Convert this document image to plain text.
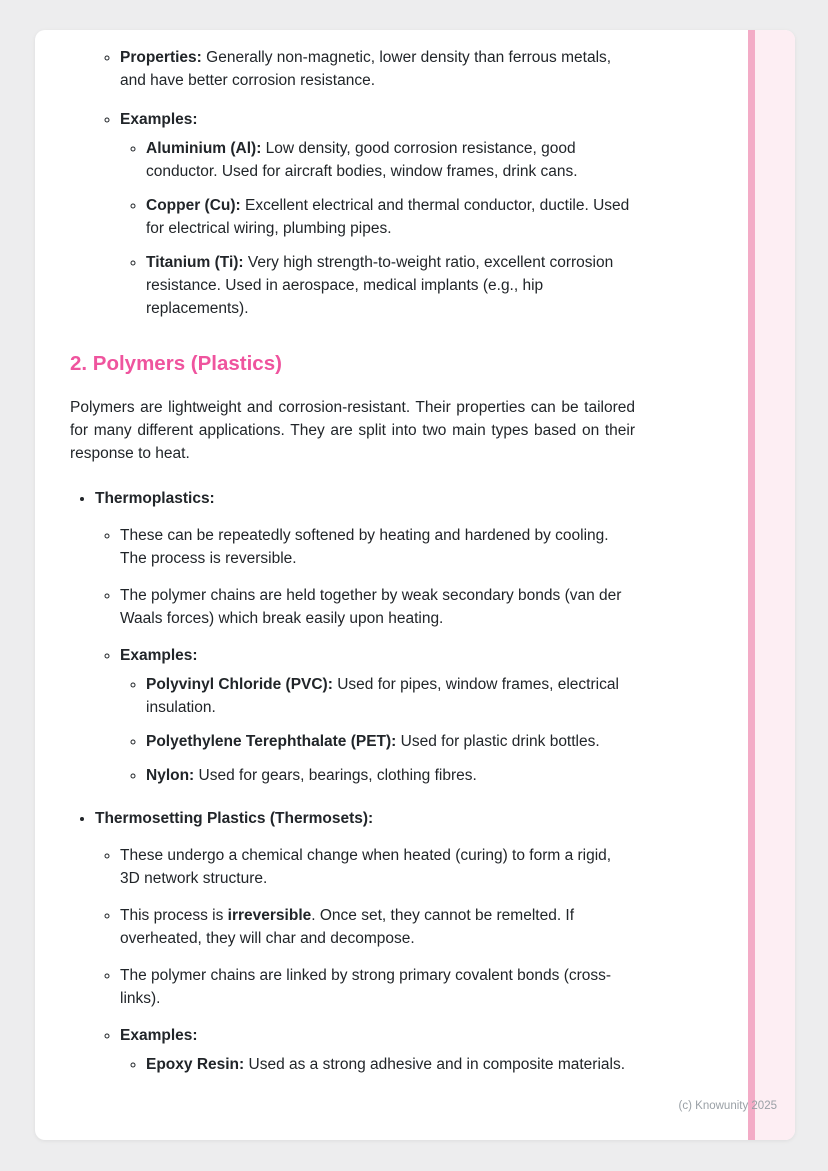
◦ Properties: Generally non-magnetic, lower density than ferrous metals, and have better corrosion resistance.
◦ Examples:
◦ Aluminium (Al): Low density, good corrosion resistance, good conductor. Used for aircraft bodies, window frames, drink cans.
◦ Copper (Cu): Excellent electrical and thermal conductor, ductile. Used for electrical wiring, plumbing pipes.
◦ Titanium (Ti): Very high strength-to-weight ratio, excellent corrosion resistance. Used in aerospace, medical implants (e.g., hip replacements).
2. Polymers (Plastics)

Polymers are lightweight and corrosion-resistant. Their properties can be tailored for many different applications. They are split into two main types based on their response to heat.

• Thermoplastics:
◦ These can be repeatedly softened by heating and hardened by cooling. The process is reversible.
◦ The polymer chains are held together by weak secondary bonds (van der Waals forces) which break easily upon heating.
◦ Examples:
◦ Polyvinyl Chloride (PVC): Used for pipes, window frames, electrical insulation.
◦ Polyethylene Terephthalate (PET): Used for plastic drink bottles.
◦ Nylon: Used for gears, bearings, clothing fibres.
• Thermosetting Plastics (Thermosets):
◦ These undergo a chemical change when heated (curing) to form a rigid, 3D network structure.
◦ This process is irreversible. Once set, they cannot be remelted. If overheated, they will char and decompose.
◦ The polymer chains are linked by strong primary covalent bonds (cross-links).
◦ Examples:
◦ Epoxy Resin: Used as a strong adhesive and in composite materials.
(c) Knowunity 2025
